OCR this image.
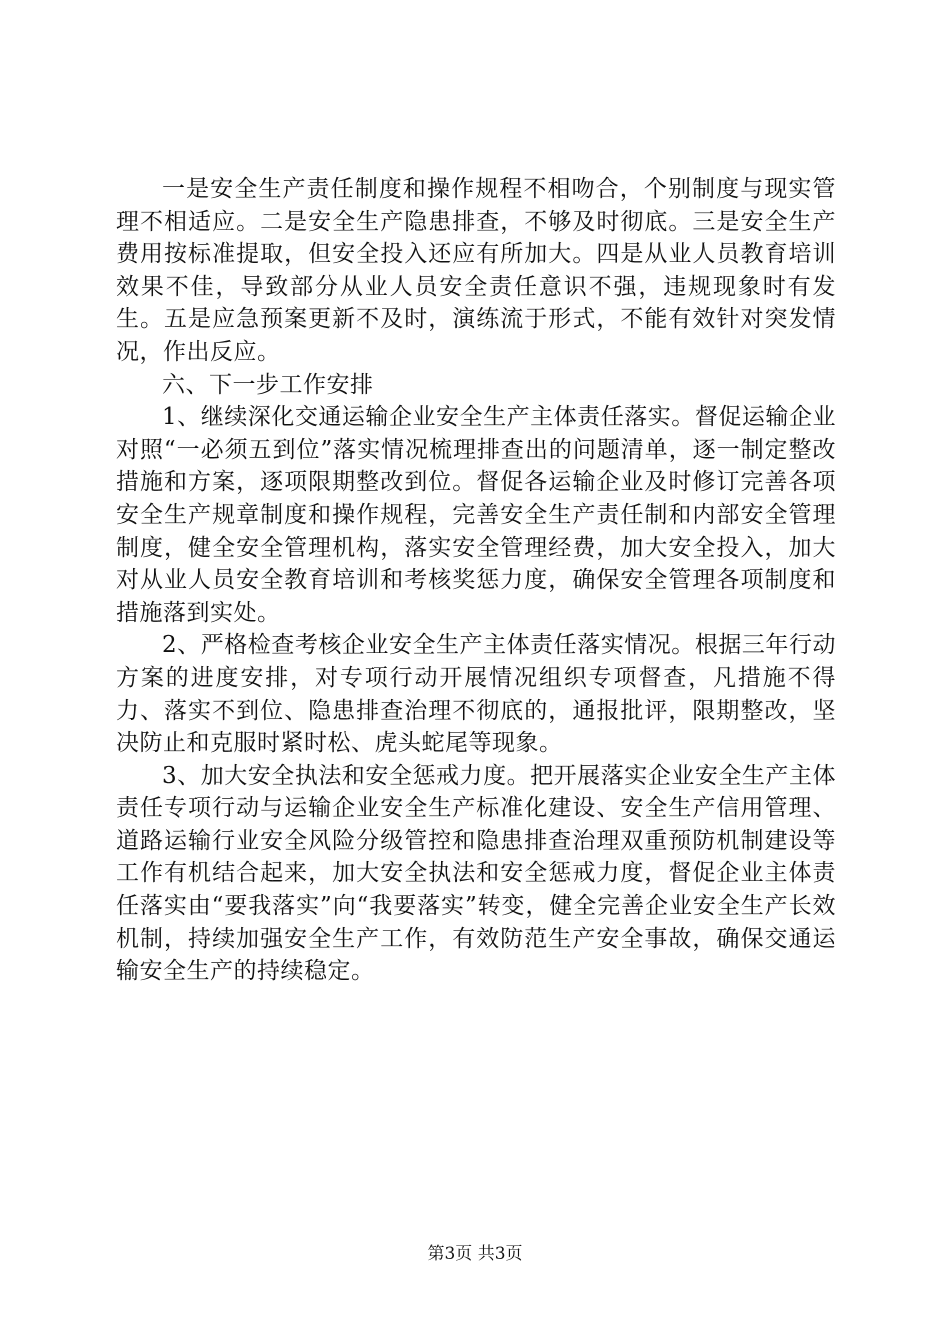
一是安全生产责任制度和操作规程不相吻合，个别制度与现实管理不相适应。二是安全生产隐患排查，不够及时彻底。三是安全生产费用按标准提取，但安全投入还应有所加大。四是从业人员教育培训效果不佳，导致部分从业人员安全责任意识不强，违规现象时有发生。五是应急预案更新不及时，演练流于形式，不能有效针对突发情况，作出反应。

六、下一步工作安排

1、继续深化交通运输企业安全生产主体责任落实。督促运输企业对照“一必须五到位”落实情况梳理排查出的问题清单，逐一制定整改措施和方案，逐项限期整改到位。督促各运输企业及时修订完善各项安全生产规章制度和操作规程，完善安全生产责任制和内部安全管理制度，健全安全管理机构，落实安全管理经费，加大安全投入，加大对从业人员安全教育培训和考核奖惩力度，确保安全管理各项制度和措施落到实处。

2、严格检查考核企业安全生产主体责任落实情况。根据三年行动方案的进度安排，对专项行动开展情况组织专项督查，凡措施不得力、落实不到位、隐患排查治理不彻底的，通报批评，限期整改，坚决防止和克服时紧时松、虎头蛇尾等现象。

3、加大安全执法和安全惩戒力度。把开展落实企业安全生产主体责任专项行动与运输企业安全生产标准化建设、安全生产信用管理、道路运输行业安全风险分级管控和隐患排查治理双重预防机制建设等工作有机结合起来，加大安全执法和安全惩戒力度，督促企业主体责任落实由“要我落实”向“我要落实”转变，健全完善企业安全生产长效机制，持续加强安全生产工作，有效防范生产安全事故，确保交通运输安全生产的持续稳定。

第3页 共3页
